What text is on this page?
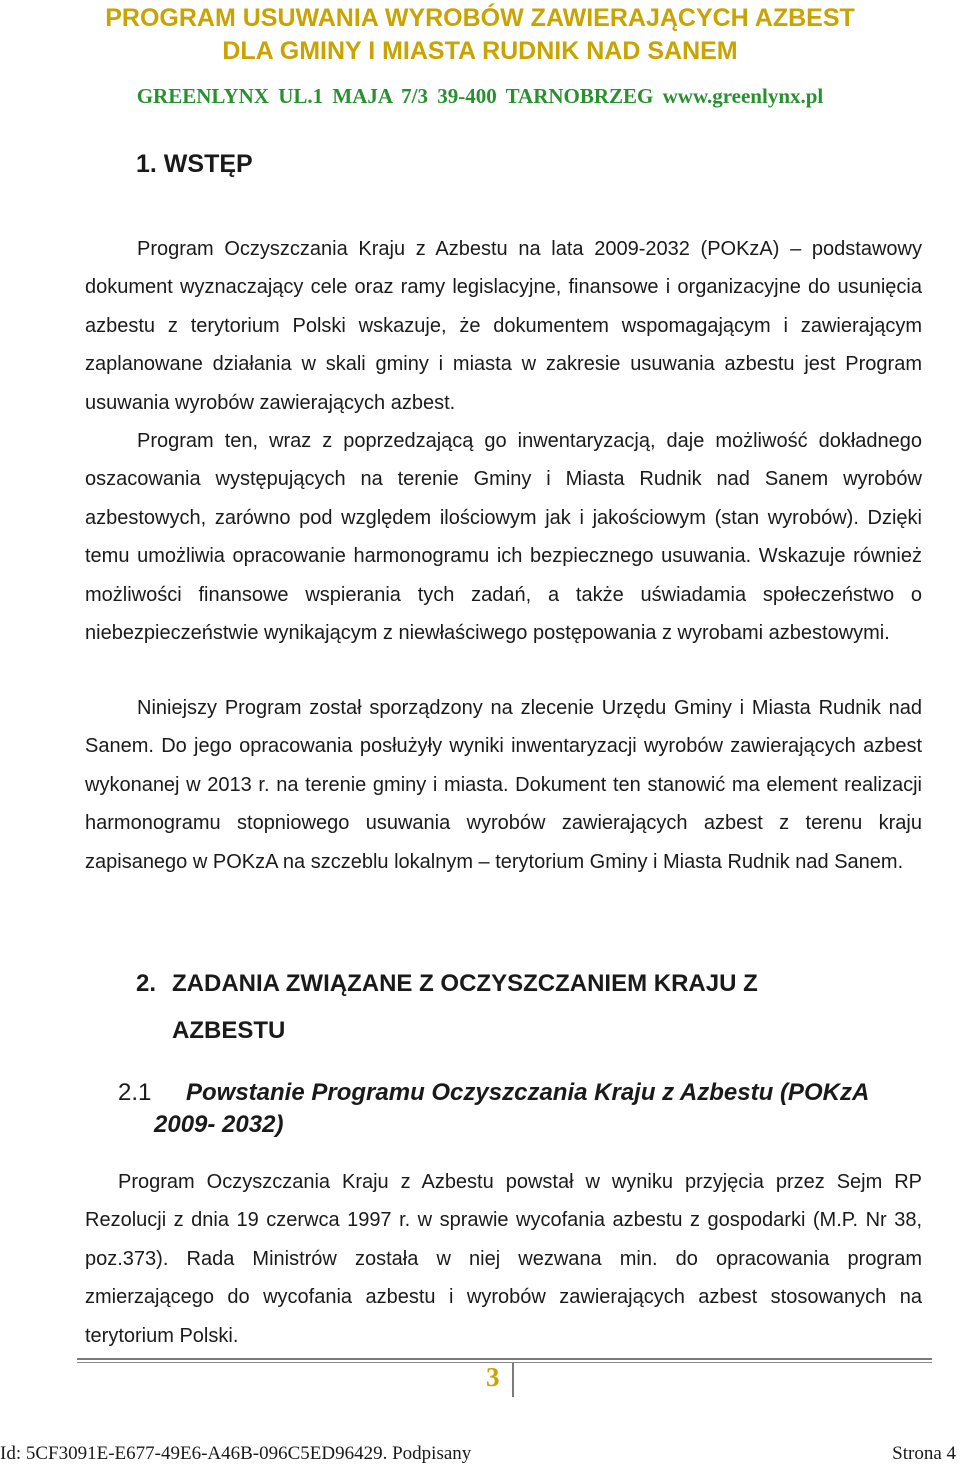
PROGRAM USUWANIA WYROBÓW ZAWIERAJĄCYCH AZBEST
DLA GMINY I MIASTA RUDNIK NAD SANEM
GREENLYNX UL.1 MAJA 7/3 39-400 TARNOBRZEG www.greenlynx.pl
1. WSTĘP

Program Oczyszczania Kraju z Azbestu na lata 2009-2032 (POKzA) – podstawowy dokument wyznaczający cele oraz ramy legislacyjne, finansowe i organizacyjne do usunięcia azbestu z terytorium Polski wskazuje, że dokumentem wspomagającym i zawierającym zaplanowane działania w skali gminy i miasta w zakresie usuwania azbestu jest Program usuwania wyrobów zawierających azbest.

Program ten, wraz z poprzedzającą go inwentaryzacją, daje możliwość dokładnego oszacowania występujących na terenie Gminy i Miasta Rudnik nad Sanem wyrobów azbestowych, zarówno pod względem ilościowym jak i jakościowym (stan wyrobów). Dzięki temu umożliwia opracowanie harmonogramu ich bezpiecznego usuwania. Wskazuje również możliwości finansowe wspierania tych zadań, a także uświadamia społeczeństwo o niebezpieczeństwie wynikającym z niewłaściwego postępowania z wyrobami azbestowymi.

Niniejszy Program został sporządzony na zlecenie Urzędu Gminy i Miasta Rudnik nad Sanem. Do jego opracowania posłużyły wyniki inwentaryzacji wyrobów zawierających azbest wykonanej w 2013 r. na terenie gminy i miasta. Dokument ten stanowić ma element realizacji harmonogramu stopniowego usuwania wyrobów zawierających azbest z terenu kraju zapisanego w POKzA na szczeblu lokalnym – terytorium Gminy i Miasta Rudnik nad Sanem.

2. ZADANIA ZWIĄZANE Z OCZYSZCZANIEM KRAJU Z
AZBESTU
2.1 Powstanie Programu Oczyszczania Kraju z Azbestu (POKzA
2009- 2032)

Program Oczyszczania Kraju z Azbestu powstał w wyniku przyjęcia przez Sejm RP Rezolucji z dnia 19 czerwca 1997 r. w sprawie wycofania azbestu z gospodarki (M.P. Nr 38, poz.373). Rada Ministrów została w niej wezwana min. do opracowania program zmierzającego do wycofania azbestu i wyrobów zawierających azbest stosowanych na terytorium Polski.

3
Id: 5CF3091E-E677-49E6-A46B-096C5ED96429. Podpisany	Strona 4
